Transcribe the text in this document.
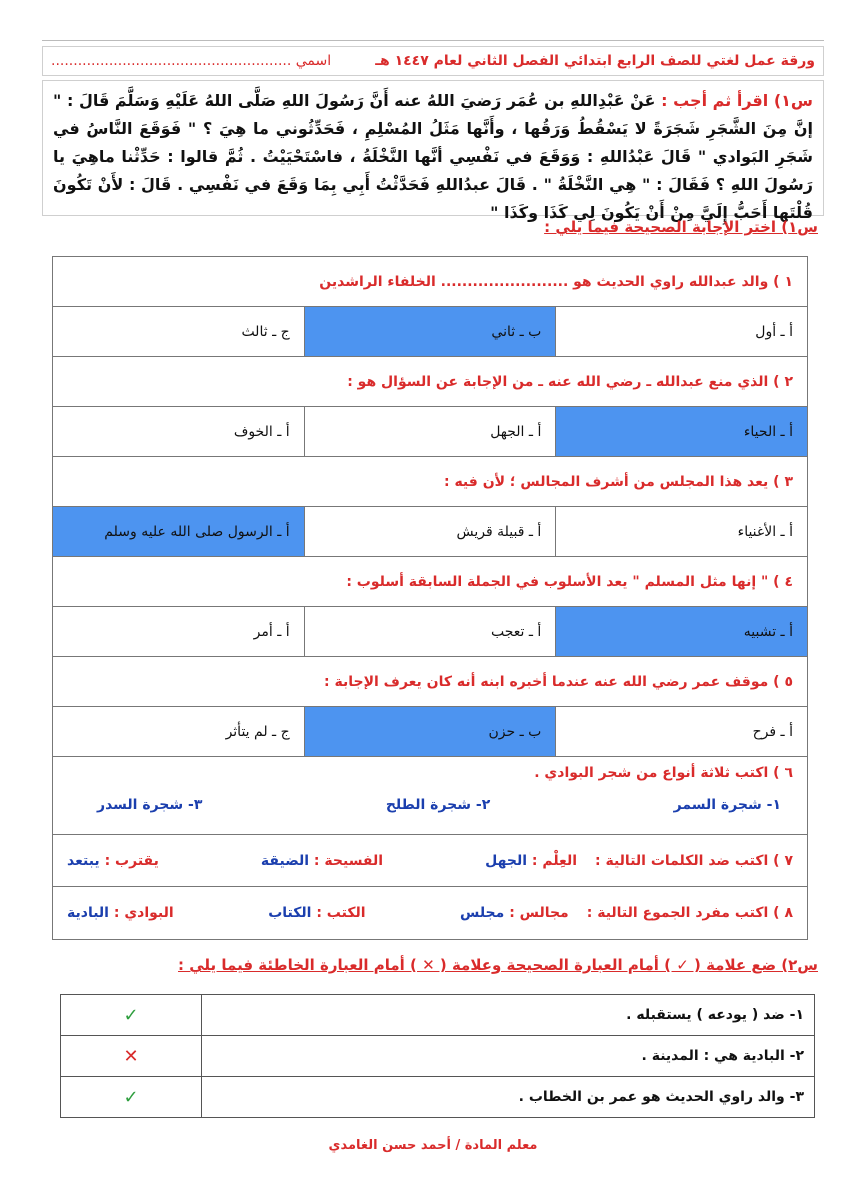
ورقة عمل لغتي للصف الرابع ابتدائي الفصل الثاني لعام ١٤٤٧ هـ
اسمي ......................................................
س١) اقرأ ثم أجب : عَنْ عَبْدِاللهِ بن عُمَر رَضيَ اللهُ عنه أَنَّ رَسُولَ اللهِ صَلَّى اللهُ عَلَيْهِ وَسَلَّمَ قَالَ : " إنَّ مِنَ الشَّجَرِ شَجَرَةً لا يَسْقُطُ وَرَقُها ، وأَنَّها مَثَلُ المُسْلِمِ ، فَحَدِّثُوني ما هِيَ ؟ " فَوَقَعَ النَّاسُ في شَجَرِ البَوادي " قَالَ عَبْدُاللهِ : وَوَقَعَ في نَفْسِي أنَّها النَّخْلَةُ ، فاسْتَحْيَيْتُ . ثُمَّ قالوا : حَدِّثْنا ماهِيَ يا رَسُولَ اللهِ ؟ فَقَالَ : " هِي النَّخْلَةُ " . قَالَ عبدُاللهِ فَحَدَّثْتُ أَبِي بِمَا وَقَعَ في نَفْسِي . قَالَ : لأَنْ تَكُونَ قُلْتَها أَحَبُّ إِلَيَّ مِنْ أَنْ يَكُونَ لِي كَذَا وكَذَا "
س١) اختر الإجابة الصحيحة فيما يلي :
١ ) والد عبدالله راوي الحديث هو ........................ الخلفاء الراشدين
أ ـ أول
ب ـ ثاني
ج ـ ثالث
٢ ) الذي منع عبدالله ـ رضي الله عنه ـ من الإجابة عن السؤال هو :
أ ـ الحياء
أ ـ الجهل
أ ـ الخوف
٣ ) يعد هذا المجلس من أشرف المجالس ؛ لأن فيه :
أ ـ الأغنياء
أ ـ قبيلة قريش
أ ـ الرسول صلى الله عليه وسلم
٤ ) " إنها مثل المسلم " يعد الأسلوب في الجملة السابقة أسلوب :
أ ـ تشبيه
أ ـ تعجب
أ ـ أمر
٥ ) موقف عمر رضي الله عنه عندما أخبره ابنه أنه كان يعرف الإجابة :
أ ـ فرح
ب ـ حزن
ج ـ لم يتأثر
٦ ) اكتب ثلاثة أنواع من شجر البوادي .
١- شجرة السمر
٢- شجرة الطلح
٣- شجرة السدر
٧ ) اكتب ضد الكلمات التالية :
العِلْم : الجهل
الفسيحة : الضيقة
يقترب : يبتعد
٨ ) اكتب مفرد الجموع التالية :
مجالس : مجلس
الكتب : الكتاب
البوادي : البادية
س٢) ضع علامة ( ✓ ) أمام العبارة الصحيحة وعلامة ( ✕ ) أمام العبارة الخاطئة فيما يلي :
١- ضد ( يودعه ) يستقبله .	✓
٢- البادية هي : المدينة .	✕
٣- والد راوي الحديث هو عمر بن الخطاب .	✓
معلم المادة / أحمد حسن الغامدي
